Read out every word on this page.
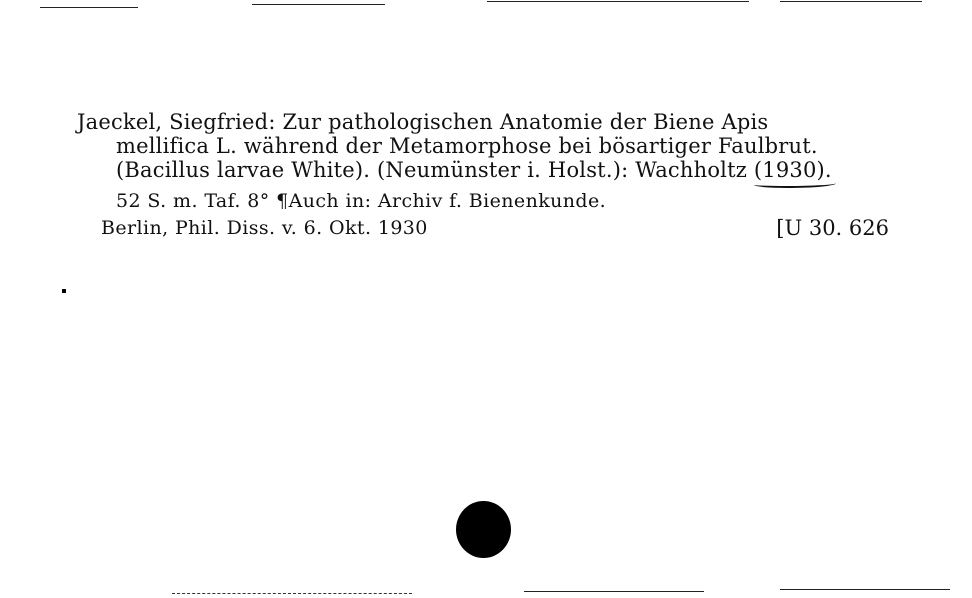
Jaeckel, Siegfried: Zur pathologischen Anatomie der Biene Apis
mellifica L. während der Metamorphose bei bösartiger Faulbrut.
(Bacillus larvae White). (Neumünster i. Holst.): Wachholtz (1930).
52 S. m. Taf. 8° ¶Auch in: Archiv f. Bienenkunde.
Berlin, Phil. Diss. v. 6. Okt. 1930	[U 30. 626
